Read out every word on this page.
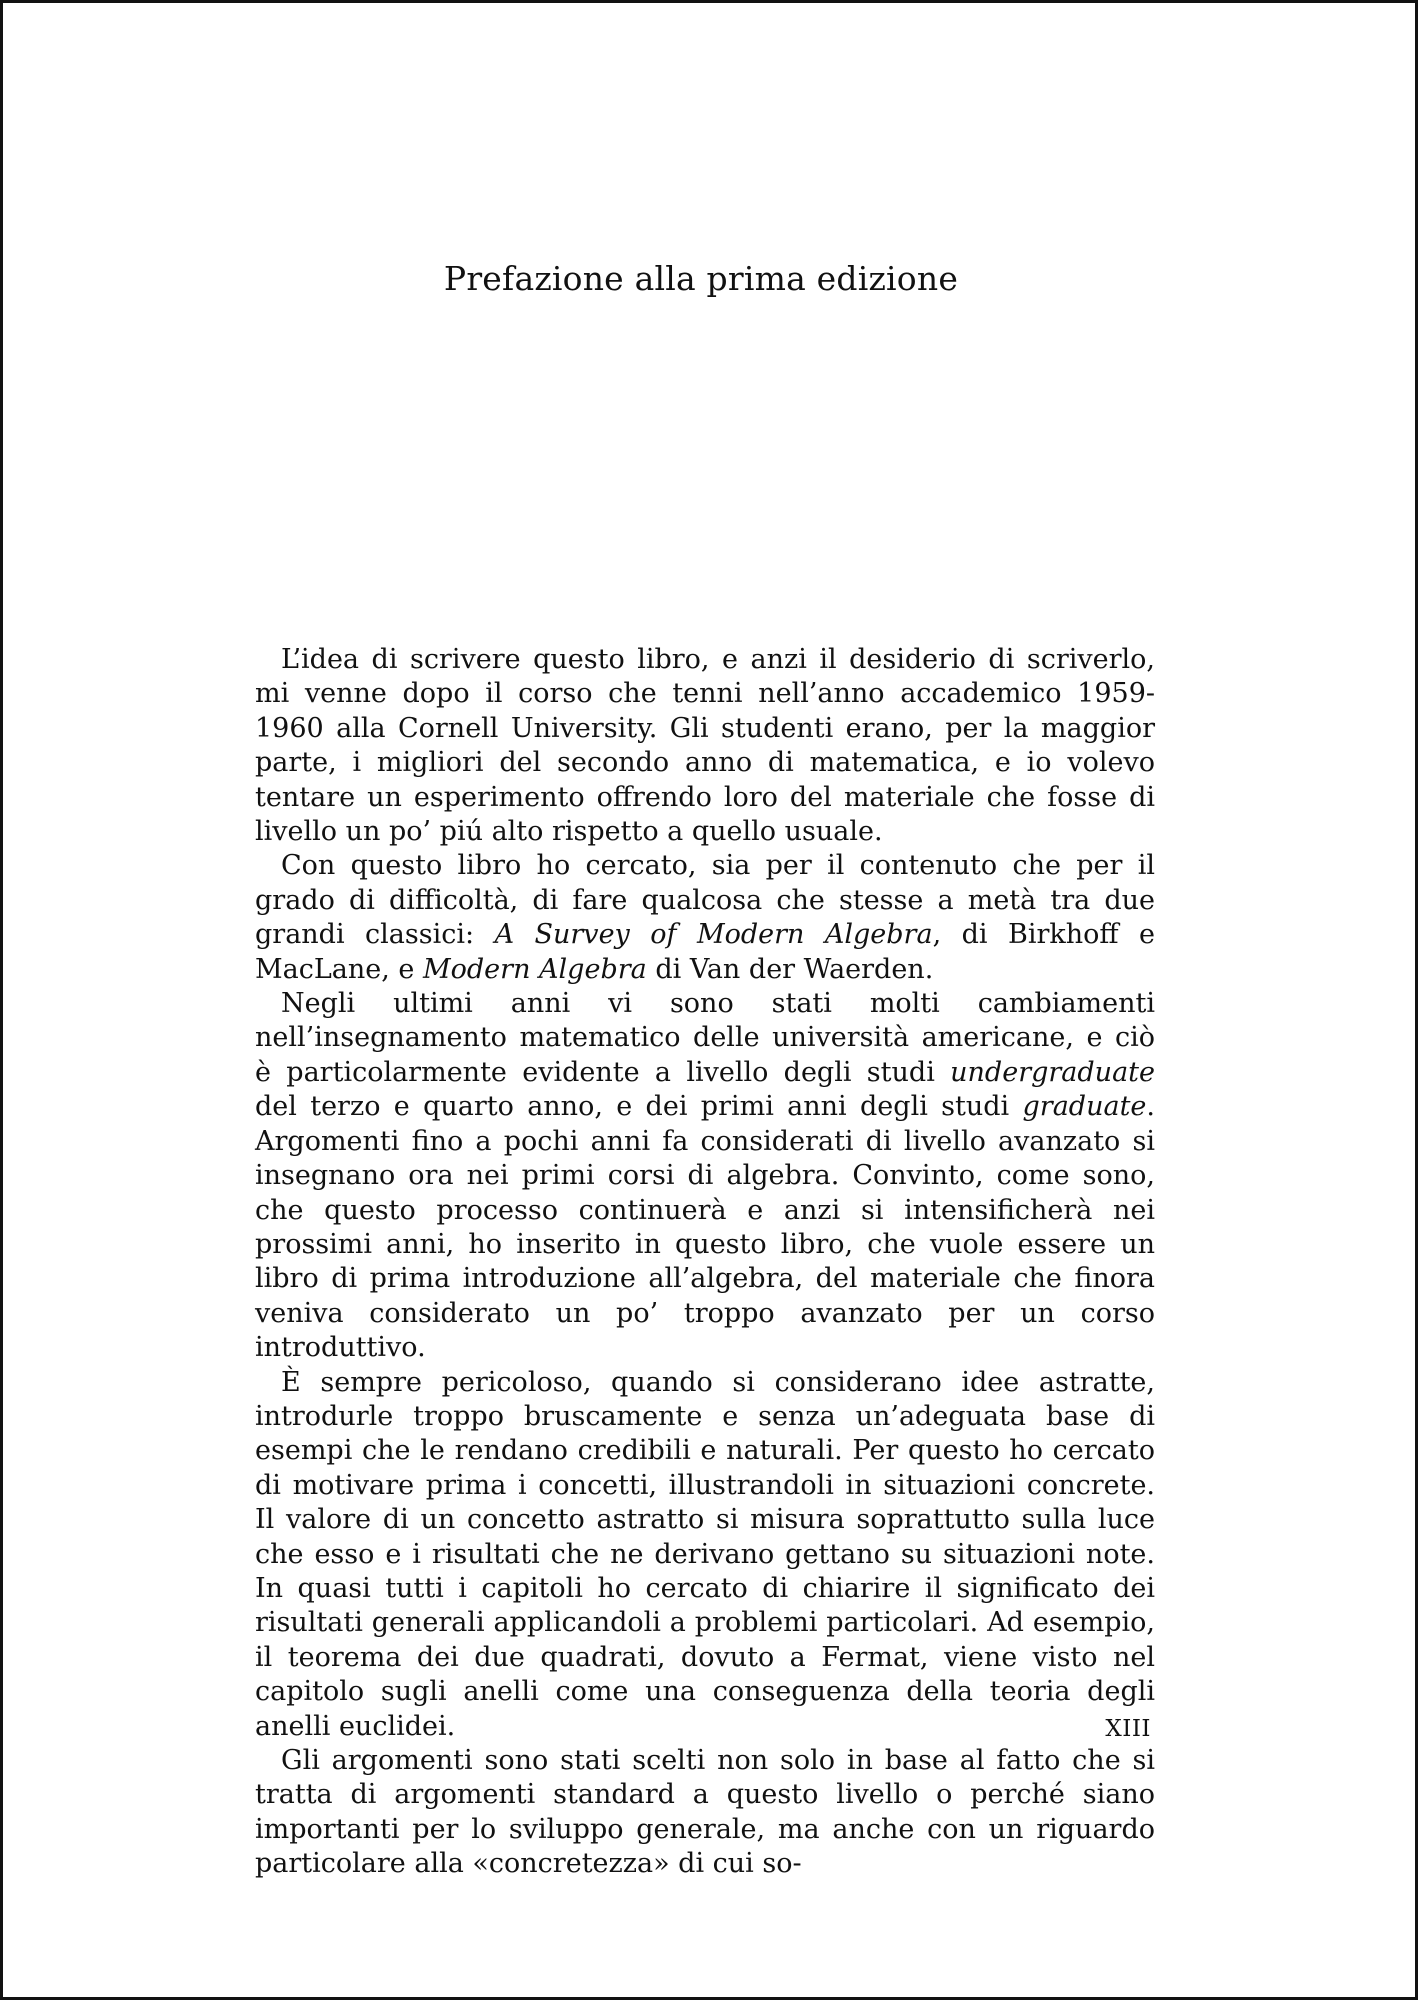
Prefazione alla prima edizione

L’idea di scrivere questo libro, e anzi il desiderio di scriverlo, mi venne dopo il corso che tenni nell’anno accademico 1959-1960 alla Cornell University. Gli studenti erano, per la maggior parte, i migliori del secondo anno di matematica, e io volevo tentare un esperimento offrendo loro del materiale che fosse di livello un po’ piú alto rispetto a quello usuale.

Con questo libro ho cercato, sia per il contenuto che per il grado di difficoltà, di fare qualcosa che stesse a metà tra due grandi classici: A Survey of Modern Algebra, di Birkhoff e MacLane, e Modern Algebra di Van der Waerden.

Negli ultimi anni vi sono stati molti cambiamenti nell’insegnamento matematico delle università americane, e ciò è particolarmente evidente a livello degli studi undergraduate del terzo e quarto anno, e dei primi anni degli studi graduate. Argomenti fino a pochi anni fa considerati di livello avanzato si insegnano ora nei primi corsi di algebra. Convinto, come sono, che questo processo continuerà e anzi si intensificherà nei prossimi anni, ho inserito in questo libro, che vuole essere un libro di prima introduzione all’algebra, del materiale che finora veniva considerato un po’ troppo avanzato per un corso introduttivo.

È sempre pericoloso, quando si considerano idee astratte, introdurle troppo bruscamente e senza un’adeguata base di esempi che le rendano credibili e naturali. Per questo ho cercato di motivare prima i concetti, illustrandoli in situazioni concrete. Il valore di un concetto astratto si misura soprattutto sulla luce che esso e i risultati che ne derivano gettano su situazioni note. In quasi tutti i capitoli ho cercato di chiarire il significato dei risultati generali applicandoli a problemi particolari. Ad esempio, il teorema dei due quadrati, dovuto a Fermat, viene visto nel capitolo sugli anelli come una conseguenza della teoria degli anelli euclidei.

Gli argomenti sono stati scelti non solo in base al fatto che si tratta di argomenti standard a questo livello o perché siano importanti per lo sviluppo generale, ma anche con un riguardo particolare alla «concretezza» di cui so-

XIII
